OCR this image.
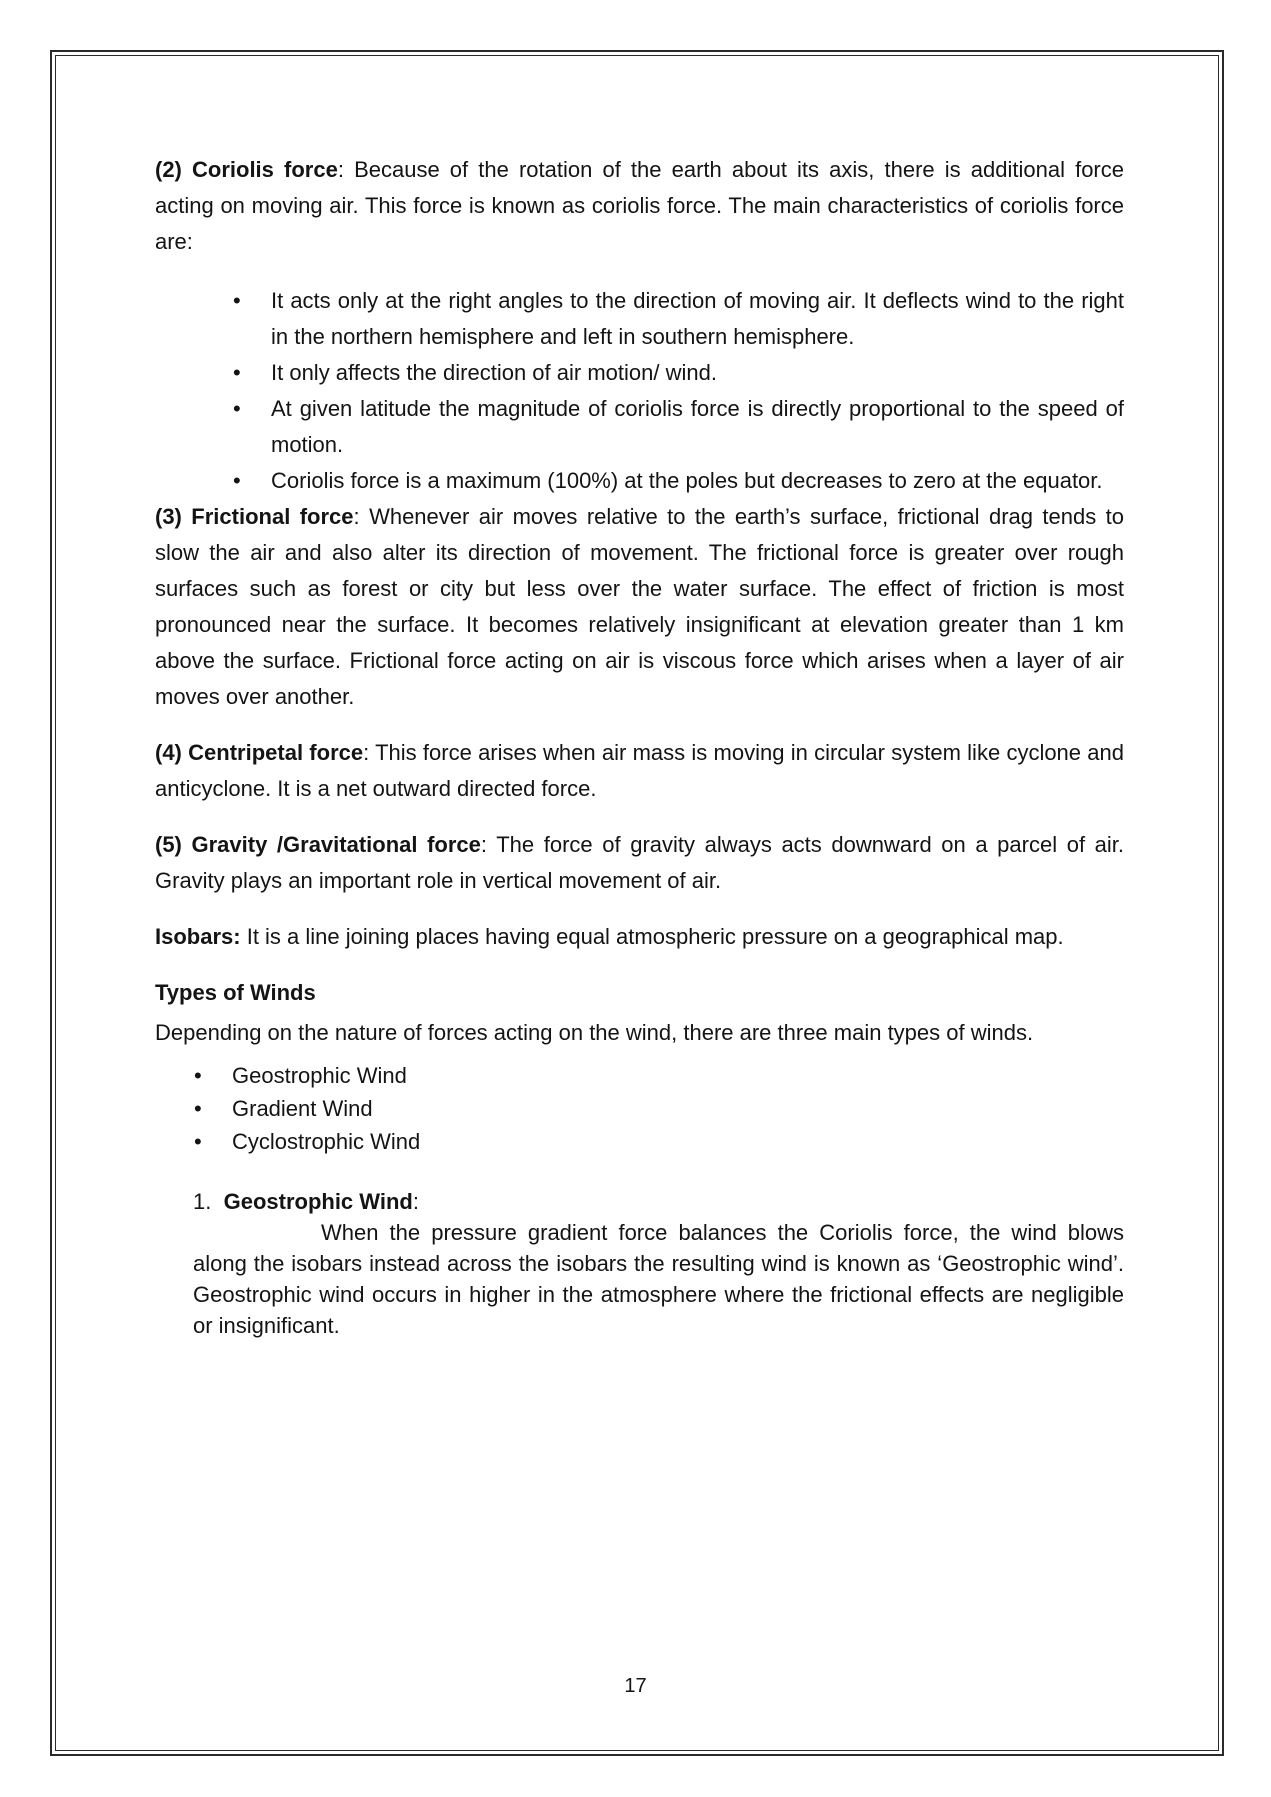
(2) Coriolis force: Because of the rotation of the earth about its axis, there is additional force acting on moving air. This force is known as coriolis force. The main characteristics of coriolis force are:

• It acts only at the right angles to the direction of moving air. It deflects wind to the right in the northern hemisphere and left in southern hemisphere.
• It only affects the direction of air motion/ wind.
• At given latitude the magnitude of coriolis force is directly proportional to the speed of motion.
• Coriolis force is a maximum (100%) at the poles but decreases to zero at the equator.

(3) Frictional force: Whenever air moves relative to the earth’s surface, frictional drag tends to slow the air and also alter its direction of movement. The frictional force is greater over rough surfaces such as forest or city but less over the water surface. The effect of friction is most pronounced near the surface. It becomes relatively insignificant at elevation greater than 1 km above the surface. Frictional force acting on air is viscous force which arises when a layer of air moves over another.

(4) Centripetal force: This force arises when air mass is moving in circular system like cyclone and anticyclone. It is a net outward directed force.

(5) Gravity /Gravitational force: The force of gravity always acts downward on a parcel of air. Gravity plays an important role in vertical movement of air.

Isobars: It is a line joining places having equal atmospheric pressure on a geographical map.

Types of Winds

Depending on the nature of forces acting on the wind, there are three main types of winds.

• Geostrophic Wind
• Gradient Wind
• Cyclostrophic Wind
1. Geostrophic Wind:

When the pressure gradient force balances the Coriolis force, the wind blows along the isobars instead across the isobars the resulting wind is known as ‘Geostrophic wind’. Geostrophic wind occurs in higher in the atmosphere where the frictional effects are negligible or insignificant.

17
